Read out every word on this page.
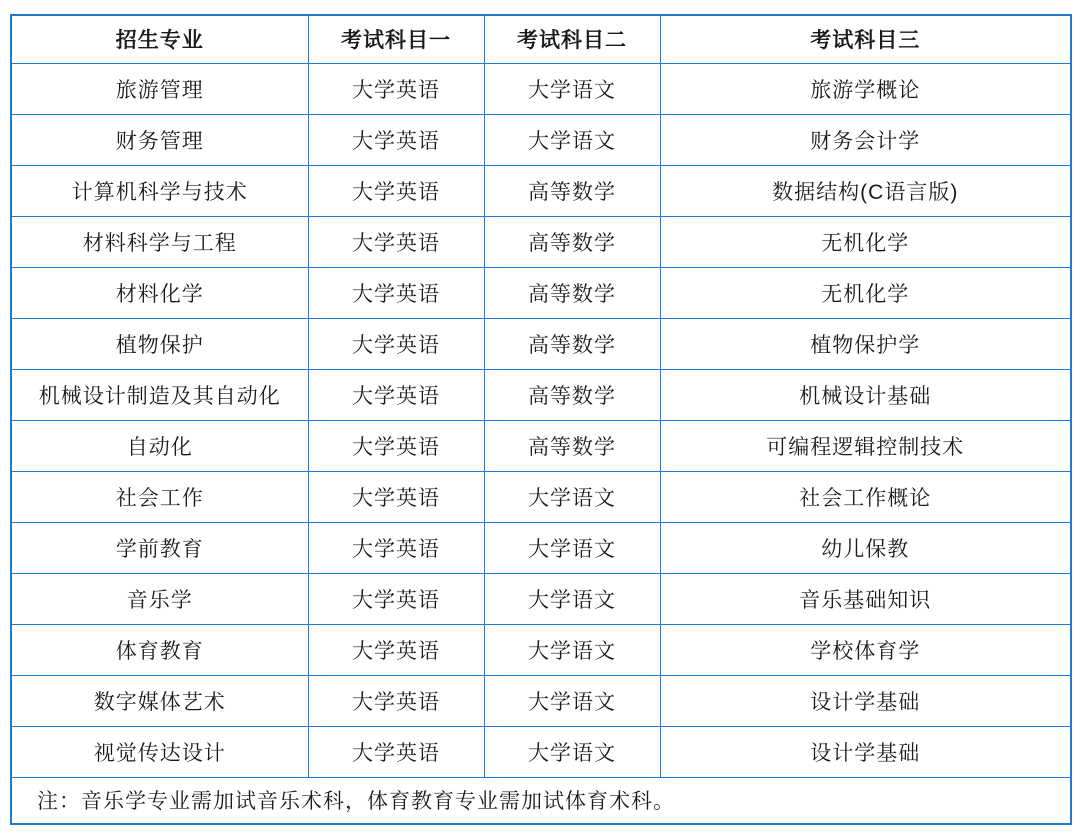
招生专业	考试科目一	考试科目二	考试科目三
旅游管理	大学英语	大学语文	旅游学概论
财务管理	大学英语	大学语文	财务会计学
计算机科学与技术	大学英语	高等数学	数据结构(C语言版)
材料科学与工程	大学英语	高等数学	无机化学
材料化学	大学英语	高等数学	无机化学
植物保护	大学英语	高等数学	植物保护学
机械设计制造及其自动化	大学英语	高等数学	机械设计基础
自动化	大学英语	高等数学	可编程逻辑控制技术
社会工作	大学英语	大学语文	社会工作概论
学前教育	大学英语	大学语文	幼儿保教
音乐学	大学英语	大学语文	音乐基础知识
体育教育	大学英语	大学语文	学校体育学
数字媒体艺术	大学英语	大学语文	设计学基础
视觉传达设计	大学英语	大学语文	设计学基础
注：音乐学专业需加试音乐术科，体育教育专业需加试体育术科。			
